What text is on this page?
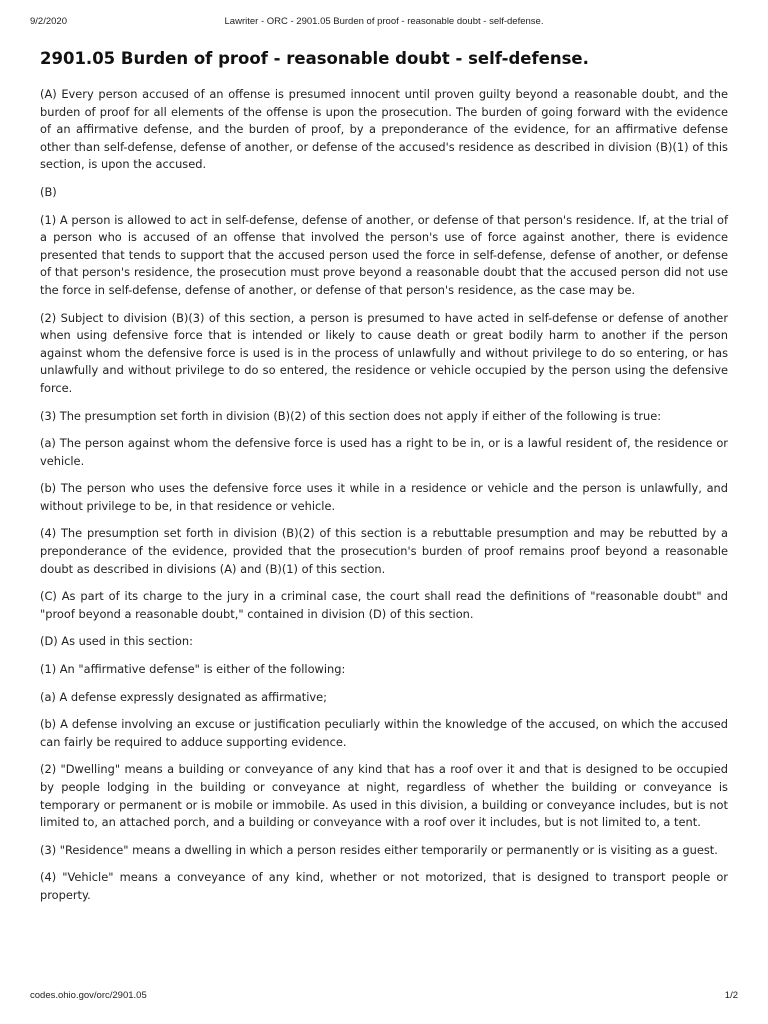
9/2/2020	Lawriter - ORC - 2901.05 Burden of proof - reasonable doubt - self-defense.
2901.05 Burden of proof - reasonable doubt - self-defense.

(A) Every person accused of an offense is presumed innocent until proven guilty beyond a reasonable doubt, and the burden of proof for all elements of the offense is upon the prosecution. The burden of going forward with the evidence of an affirmative defense, and the burden of proof, by a preponderance of the evidence, for an affirmative defense other than self-defense, defense of another, or defense of the accused's residence as described in division (B)(1) of this section, is upon the accused.

(B)

(1) A person is allowed to act in self-defense, defense of another, or defense of that person's residence. If, at the trial of a person who is accused of an offense that involved the person's use of force against another, there is evidence presented that tends to support that the accused person used the force in self-defense, defense of another, or defense of that person's residence, the prosecution must prove beyond a reasonable doubt that the accused person did not use the force in self-defense, defense of another, or defense of that person's residence, as the case may be.

(2) Subject to division (B)(3) of this section, a person is presumed to have acted in self-defense or defense of another when using defensive force that is intended or likely to cause death or great bodily harm to another if the person against whom the defensive force is used is in the process of unlawfully and without privilege to do so entering, or has unlawfully and without privilege to do so entered, the residence or vehicle occupied by the person using the defensive force.

(3) The presumption set forth in division (B)(2) of this section does not apply if either of the following is true:

(a) The person against whom the defensive force is used has a right to be in, or is a lawful resident of, the residence or vehicle.

(b) The person who uses the defensive force uses it while in a residence or vehicle and the person is unlawfully, and without privilege to be, in that residence or vehicle.

(4) The presumption set forth in division (B)(2) of this section is a rebuttable presumption and may be rebutted by a preponderance of the evidence, provided that the prosecution's burden of proof remains proof beyond a reasonable doubt as described in divisions (A) and (B)(1) of this section.

(C) As part of its charge to the jury in a criminal case, the court shall read the definitions of "reasonable doubt" and "proof beyond a reasonable doubt," contained in division (D) of this section.

(D) As used in this section:

(1) An "affirmative defense" is either of the following:

(a) A defense expressly designated as affirmative;

(b) A defense involving an excuse or justification peculiarly within the knowledge of the accused, on which the accused can fairly be required to adduce supporting evidence.

(2) "Dwelling" means a building or conveyance of any kind that has a roof over it and that is designed to be occupied by people lodging in the building or conveyance at night, regardless of whether the building or conveyance is temporary or permanent or is mobile or immobile. As used in this division, a building or conveyance includes, but is not limited to, an attached porch, and a building or conveyance with a roof over it includes, but is not limited to, a tent.

(3) "Residence" means a dwelling in which a person resides either temporarily or permanently or is visiting as a guest.

(4) "Vehicle" means a conveyance of any kind, whether or not motorized, that is designed to transport people or property.

codes.ohio.gov/orc/2901.05	1/2
